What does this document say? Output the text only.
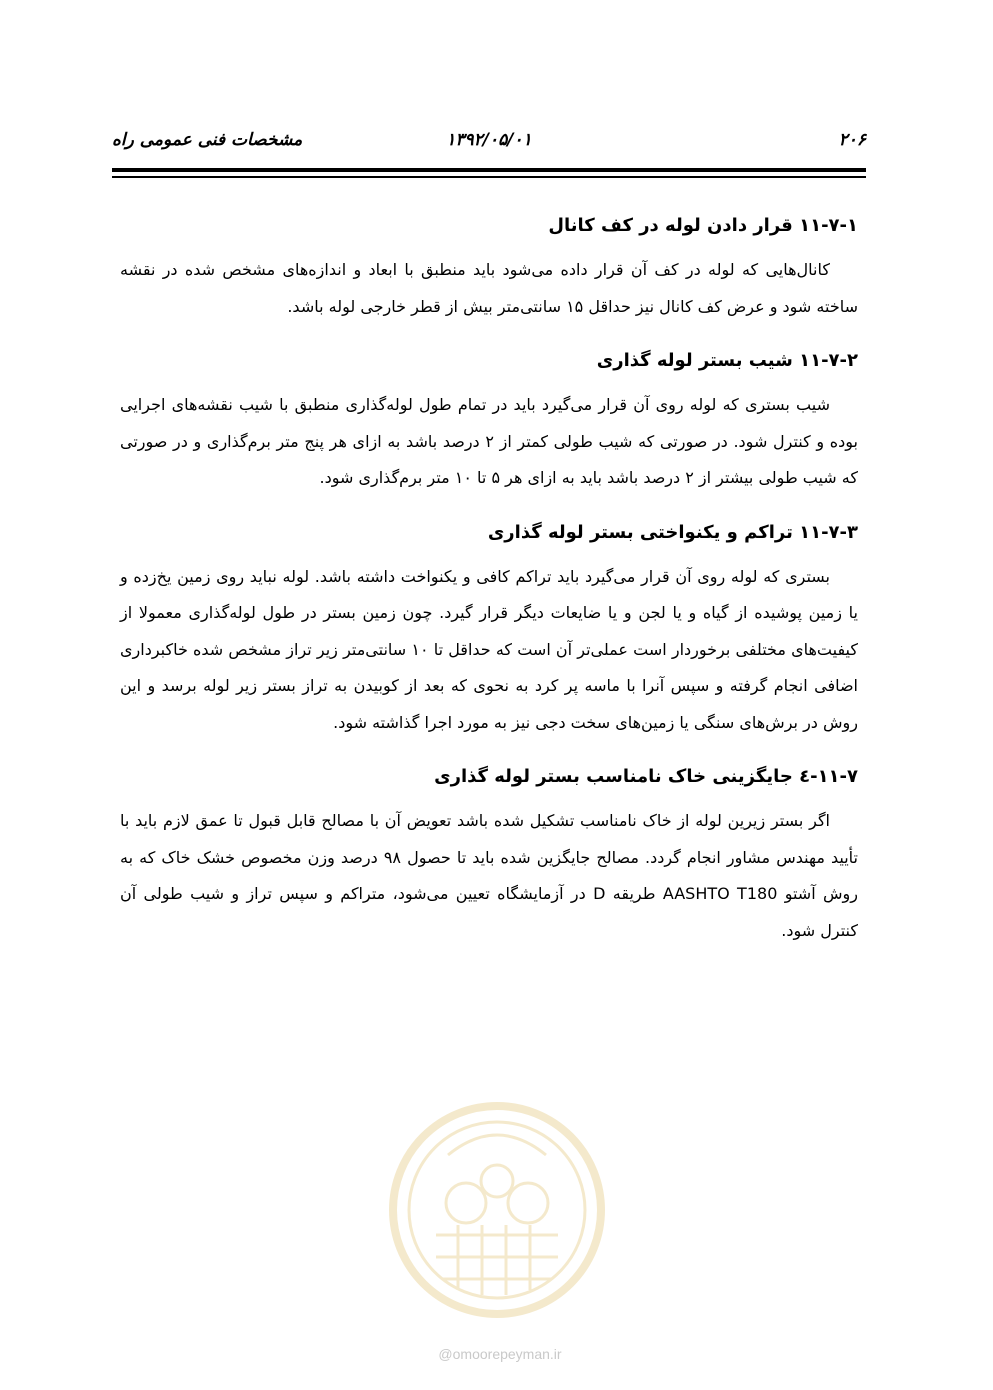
۲۰۶
۱۳۹۲/۰۵/۰۱
مشخصات فنی عمومی راه
۱۱-۷-۱ قرار دادن لوله در کف کانال

کانال‌هایی که لوله در کف آن قرار داده می‌شود باید منطبق با ابعاد و اندازه‌های مشخص شده در نقشه ساخته شود و عرض کف کانال نیز حداقل ۱۵ سانتی‌متر بیش از قطر خارجی لوله باشد.

۱۱-۷-۲ شیب بستر لوله گذاری

شیب بستری که لوله روی آن قرار می‌گیرد باید در تمام طول لوله‌گذاری منطبق با شیب نقشه‌های اجرایی بوده و کنترل شود. در صورتی که شیب طولی کمتر از ۲ درصد باشد به ازای هر پنج متر برم‌گذاری و در صورتی که شیب طولی بیشتر از ۲ درصد باشد باید به ازای هر ۵ تا ۱۰ متر برم‌گذاری شود.

۱۱-۷-۳ تراکم و یکنواختی بستر لوله گذاری

بستری که لوله روی آن قرار می‌گیرد باید تراکم کافی و یکنواخت داشته باشد. لوله نباید روی زمین یخ‌زده و یا زمین پوشیده از گیاه و یا لجن و یا ضایعات دیگر قرار گیرد. چون زمین بستر در طول لوله‌گذاری معمولا از کیفیت‌های مختلفی برخوردار است عملی‌تر آن است که حداقل تا ۱۰ سانتی‌متر زیر تراز مشخص شده خاکبرداری اضافی انجام گرفته و سپس آنرا با ماسه پر کرد به نحوی که بعد از کوبیدن به تراز بستر زیر لوله برسد و این روش در برش‌های سنگی یا زمین‌های سخت دجی نیز به مورد اجرا گذاشته شود.

۱۱-۷-٤ جایگزینی خاک نامناسب بستر لوله گذاری

اگر بستر زیرین لوله از خاک نامناسب تشکیل شده باشد تعویض آن با مصالح قابل قبول تا عمق لازم باید با تأیید مهندس مشاور انجام گردد. مصالح جایگزین شده باید تا حصول ۹۸ درصد وزن مخصوص خشک خاک که به روش آشتو AASHTO T180 طریقه D در آزمایشگاه تعیین می‌شود، متراکم و سپس تراز و شیب طولی آن کنترل شود.

@omoorepeyman.ir
